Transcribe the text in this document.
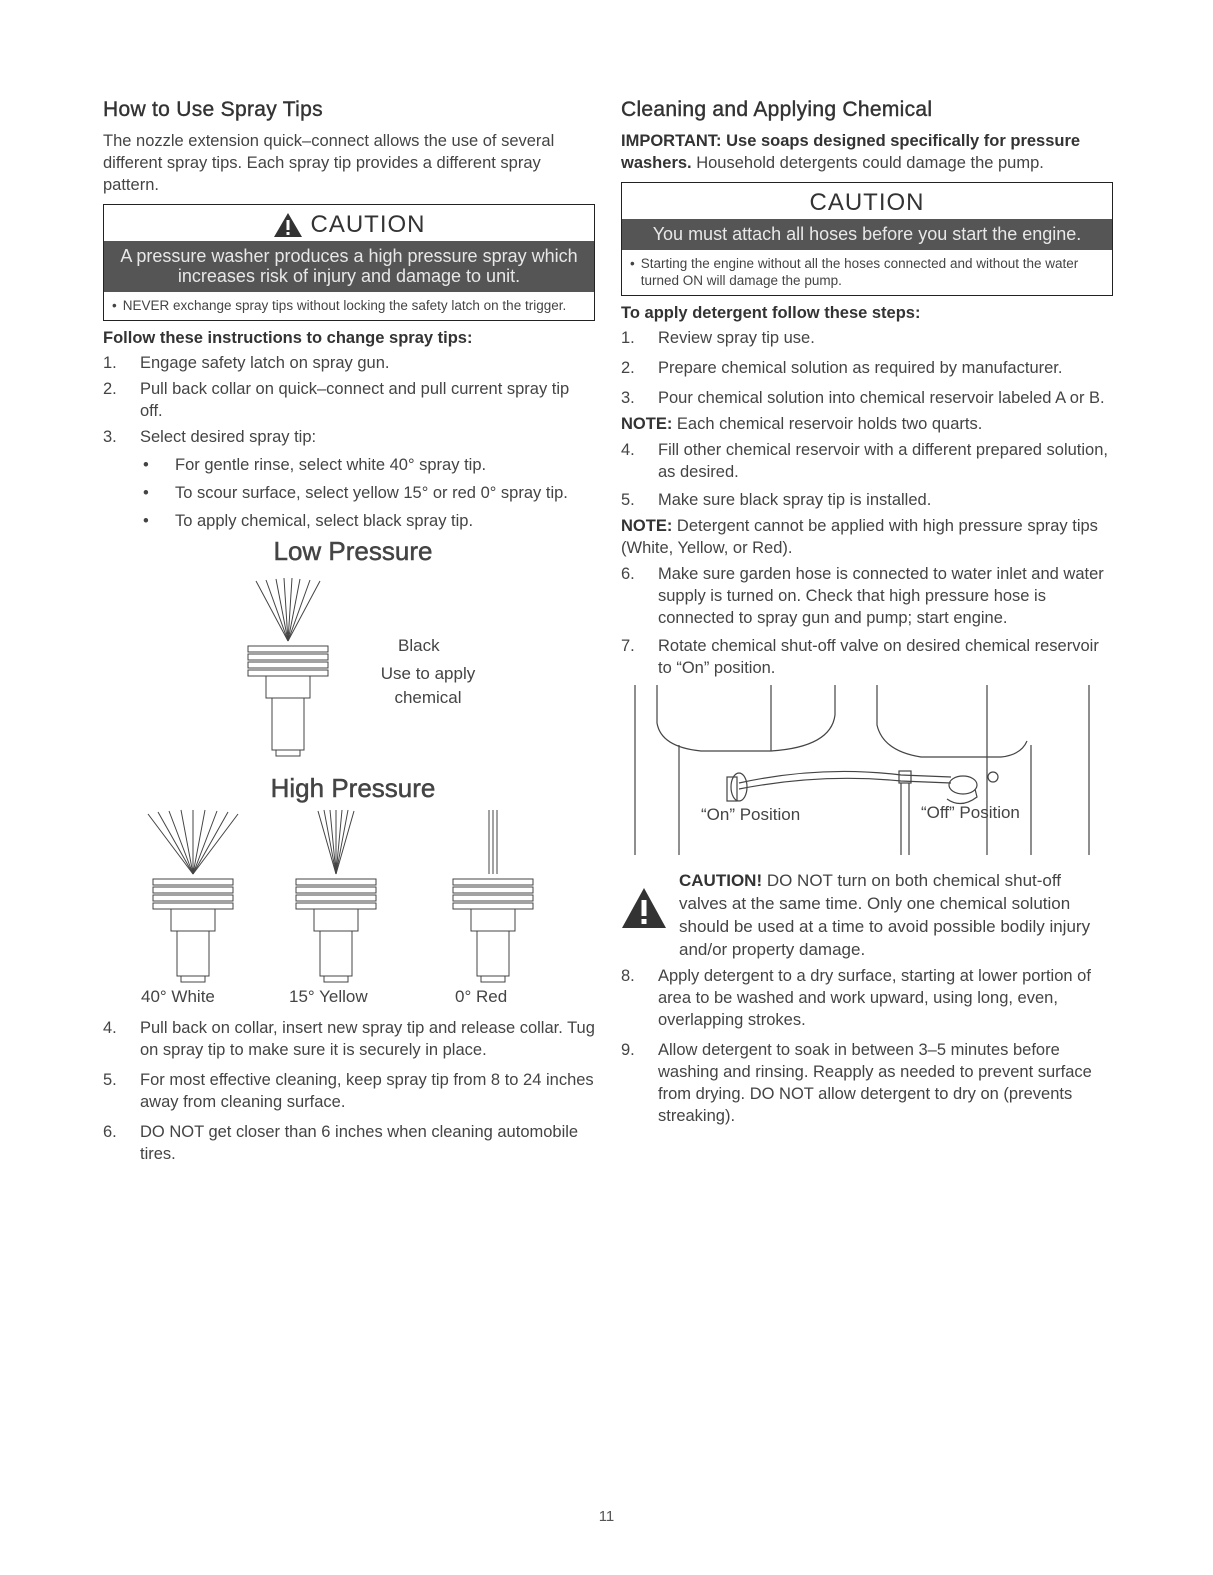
How to Use Spray Tips

The nozzle extension quick–connect allows the use of several different spray tips. Each spray tip provides a different spray pattern.

CAUTION
A pressure washer produces a high pressure spray which increases risk of injury and damage to unit.
• NEVER exchange spray tips without locking the safety latch on the trigger.
Follow these instructions to change spray tips:
1.	Engage safety latch on spray gun.
2.	Pull back collar on quick–connect and pull current spray tip off.
3.	Select desired spray tip:
•	For gentle rinse, select white 40° spray tip.
•	To scour surface, select yellow 15° or red 0° spray tip.
•	To apply chemical, select black spray tip.
Low Pressure
Black
Use to apply chemical
High Pressure
40° White	15° Yellow	0° Red
4.	Pull back on collar, insert new spray tip and release collar. Tug on spray tip to make sure it is securely in place.
5.	For most effective cleaning, keep spray tip from 8 to 24 inches away from cleaning surface.
6.	DO NOT get closer than 6 inches when cleaning automobile tires.
Cleaning and Applying Chemical

IMPORTANT: Use soaps designed specifically for pressure washers. Household detergents could damage the pump.

CAUTION
You must attach all hoses before you start the engine.
• Starting the engine without all the hoses connected and without the water turned ON will damage the pump.
To apply detergent follow these steps:
1.	Review spray tip use.
2.	Prepare chemical solution as required by manufacturer.
3.	Pour chemical solution into chemical reservoir labeled A or B.

NOTE: Each chemical reservoir holds two quarts.

4.	Fill other chemical reservoir with a different prepared solution, as desired.
5.	Make sure black spray tip is installed.

NOTE: Detergent cannot be applied with high pressure spray tips (White, Yellow, or Red).

6.	Make sure garden hose is connected to water inlet and water supply is turned on. Check that high pressure hose is connected to spray gun and pump; start engine.
7.	Rotate chemical shut-off valve on desired chemical reservoir to “On” position.
“On” Position	“Off” Position
CAUTION! DO NOT turn on both chemical shut-off valves at the same time. Only one chemical solution should be used at a time to avoid possible bodily injury and/or property damage.
8.	Apply detergent to a dry surface, starting at lower portion of area to be washed and work upward, using long, even, overlapping strokes.
9.	Allow detergent to soak in between 3–5 minutes before washing and rinsing. Reapply as needed to prevent surface from drying. DO NOT allow detergent to dry on (prevents streaking).
11
